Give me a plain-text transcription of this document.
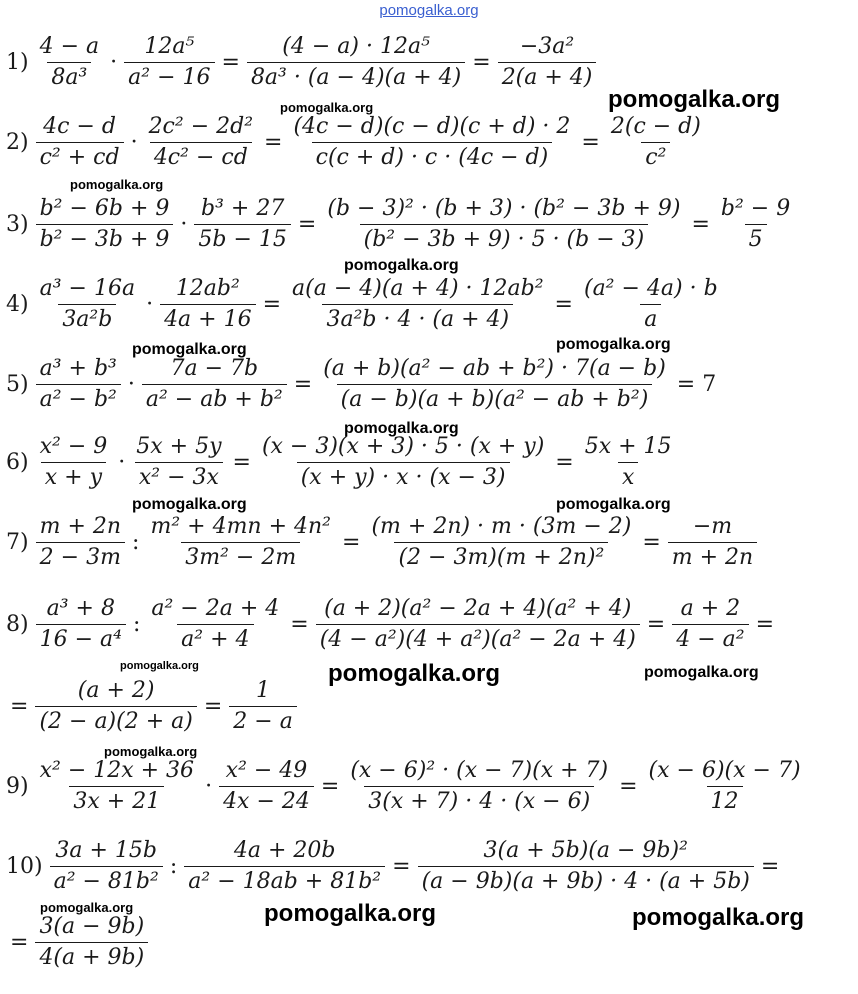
pomogalka.org
$1) \frac{4 - a}{\text{8a³}} \cdot \frac{\text{12a⁵}}{\text{a² − 16}} = \frac{\text{(4 − a) · 12a⁵}}{\text{8a³ · (a − 4)(a + 4)}} = \frac{\text{−3a²}}{2(a + 4)}$
$2) \frac{4c - d}{\text{c² + cd}} \cdot \frac{\text{2c² − 2d²}}{\text{4c² − cd}} = \frac{(4c - d)(c - d)(c + d) \cdot 2}{c(c + d) \cdot c \cdot (4c - d)} = \frac{2(c - d)}{\text{c²}}$
$3) \frac{\text{b² − 6b + 9}}{\text{b² − 3b + 9}} \cdot \frac{\text{b³ + 27}}{5b - 15} = \frac{\text{(b − 3)² · (b + 3) · (b² − 3b + 9)}}{\text{(b² − 3b + 9) · 5 · (b − 3)}} = \frac{\text{b² − 9}}{5}$
$4) \frac{\text{a³ − 16a}}{\text{3a²b}} \cdot \frac{\text{12ab²}}{4a + 16} = \frac{\text{a(a − 4)(a + 4) · 12ab²}}{\text{3a²b · 4 · (a + 4)}} = \frac{\text{(a² − 4a) · b}}{a}$
$5) \frac{\text{a³ + b³}}{\text{a² − b²}} \cdot \frac{7a - 7b}{\text{a² − ab + b²}} = \frac{\text{(a + b)(a² − ab + b²) · 7(a − b)}}{\text{(a − b)(a + b)(a² − ab + b²)}} = 7$
$6) \frac{\text{x² − 9}}{x + y} \cdot \frac{5x + 5y}{\text{x² − 3x}} = \frac{(x - 3)(x + 3) \cdot 5 \cdot (x + y)}{(x + y) \cdot x \cdot (x - 3)} = \frac{5x + 15}{x}$
$7) \frac{m + 2n}{2 - 3m}$ : $\frac{\text{m² + 4mn + 4n²}}{\text{3m² − 2m}} = \frac{(m + 2n) \cdot m \cdot (3m - 2)}{\text{(2 − 3m)(m + 2n)²}} = \frac{-m}{m + 2n}$
$8) \frac{\text{a³ + 8}}{\text{16 − a⁴}}$ : $\frac{\text{a² − 2a + 4}}{\text{a² + 4}} = \frac{\text{(a + 2)(a² − 2a + 4)(a² + 4)}}{\text{(4 − a²)(4 + a²)(a² − 2a + 4)}} = \frac{a + 2}{\text{4 − a²}}$ =
= $\frac{(a + 2)}{(2 - a)(2 + a)} = \frac{1}{2 - a}$
$9) \frac{\text{x² − 12x + 36}}{3x + 21} \cdot \frac{\text{x² − 49}}{4x - 24} = \frac{\text{(x − 6)² · (x − 7)(x + 7)}}{3(x + 7) \cdot 4 \cdot (x - 6)} = \frac{(x - 6)(x - 7)}{12}$
$10) \frac{3a + 15b}{\text{a² − 81b²}}$ : $\frac{4a + 20b}{\text{a² − 18ab + 81b²}} = \frac{\text{3(a + 5b)(a − 9b)²}}{(a - 9b)(a + 9b) \cdot 4 \cdot (a + 5b)}$ =
= $\frac{3(a - 9b)}{4(a + 9b)}$
pomogalka.org
pomogalka.org
pomogalka.org
pomogalka.org
pomogalka.org	pomogalka.org
pomogalka.org
pomogalka.org	pomogalka.org
pomogalka.org	pomogalka.org	pomogalka.org
pomogalka.org
pomogalka.org	pomogalka.org	pomogalka.org
